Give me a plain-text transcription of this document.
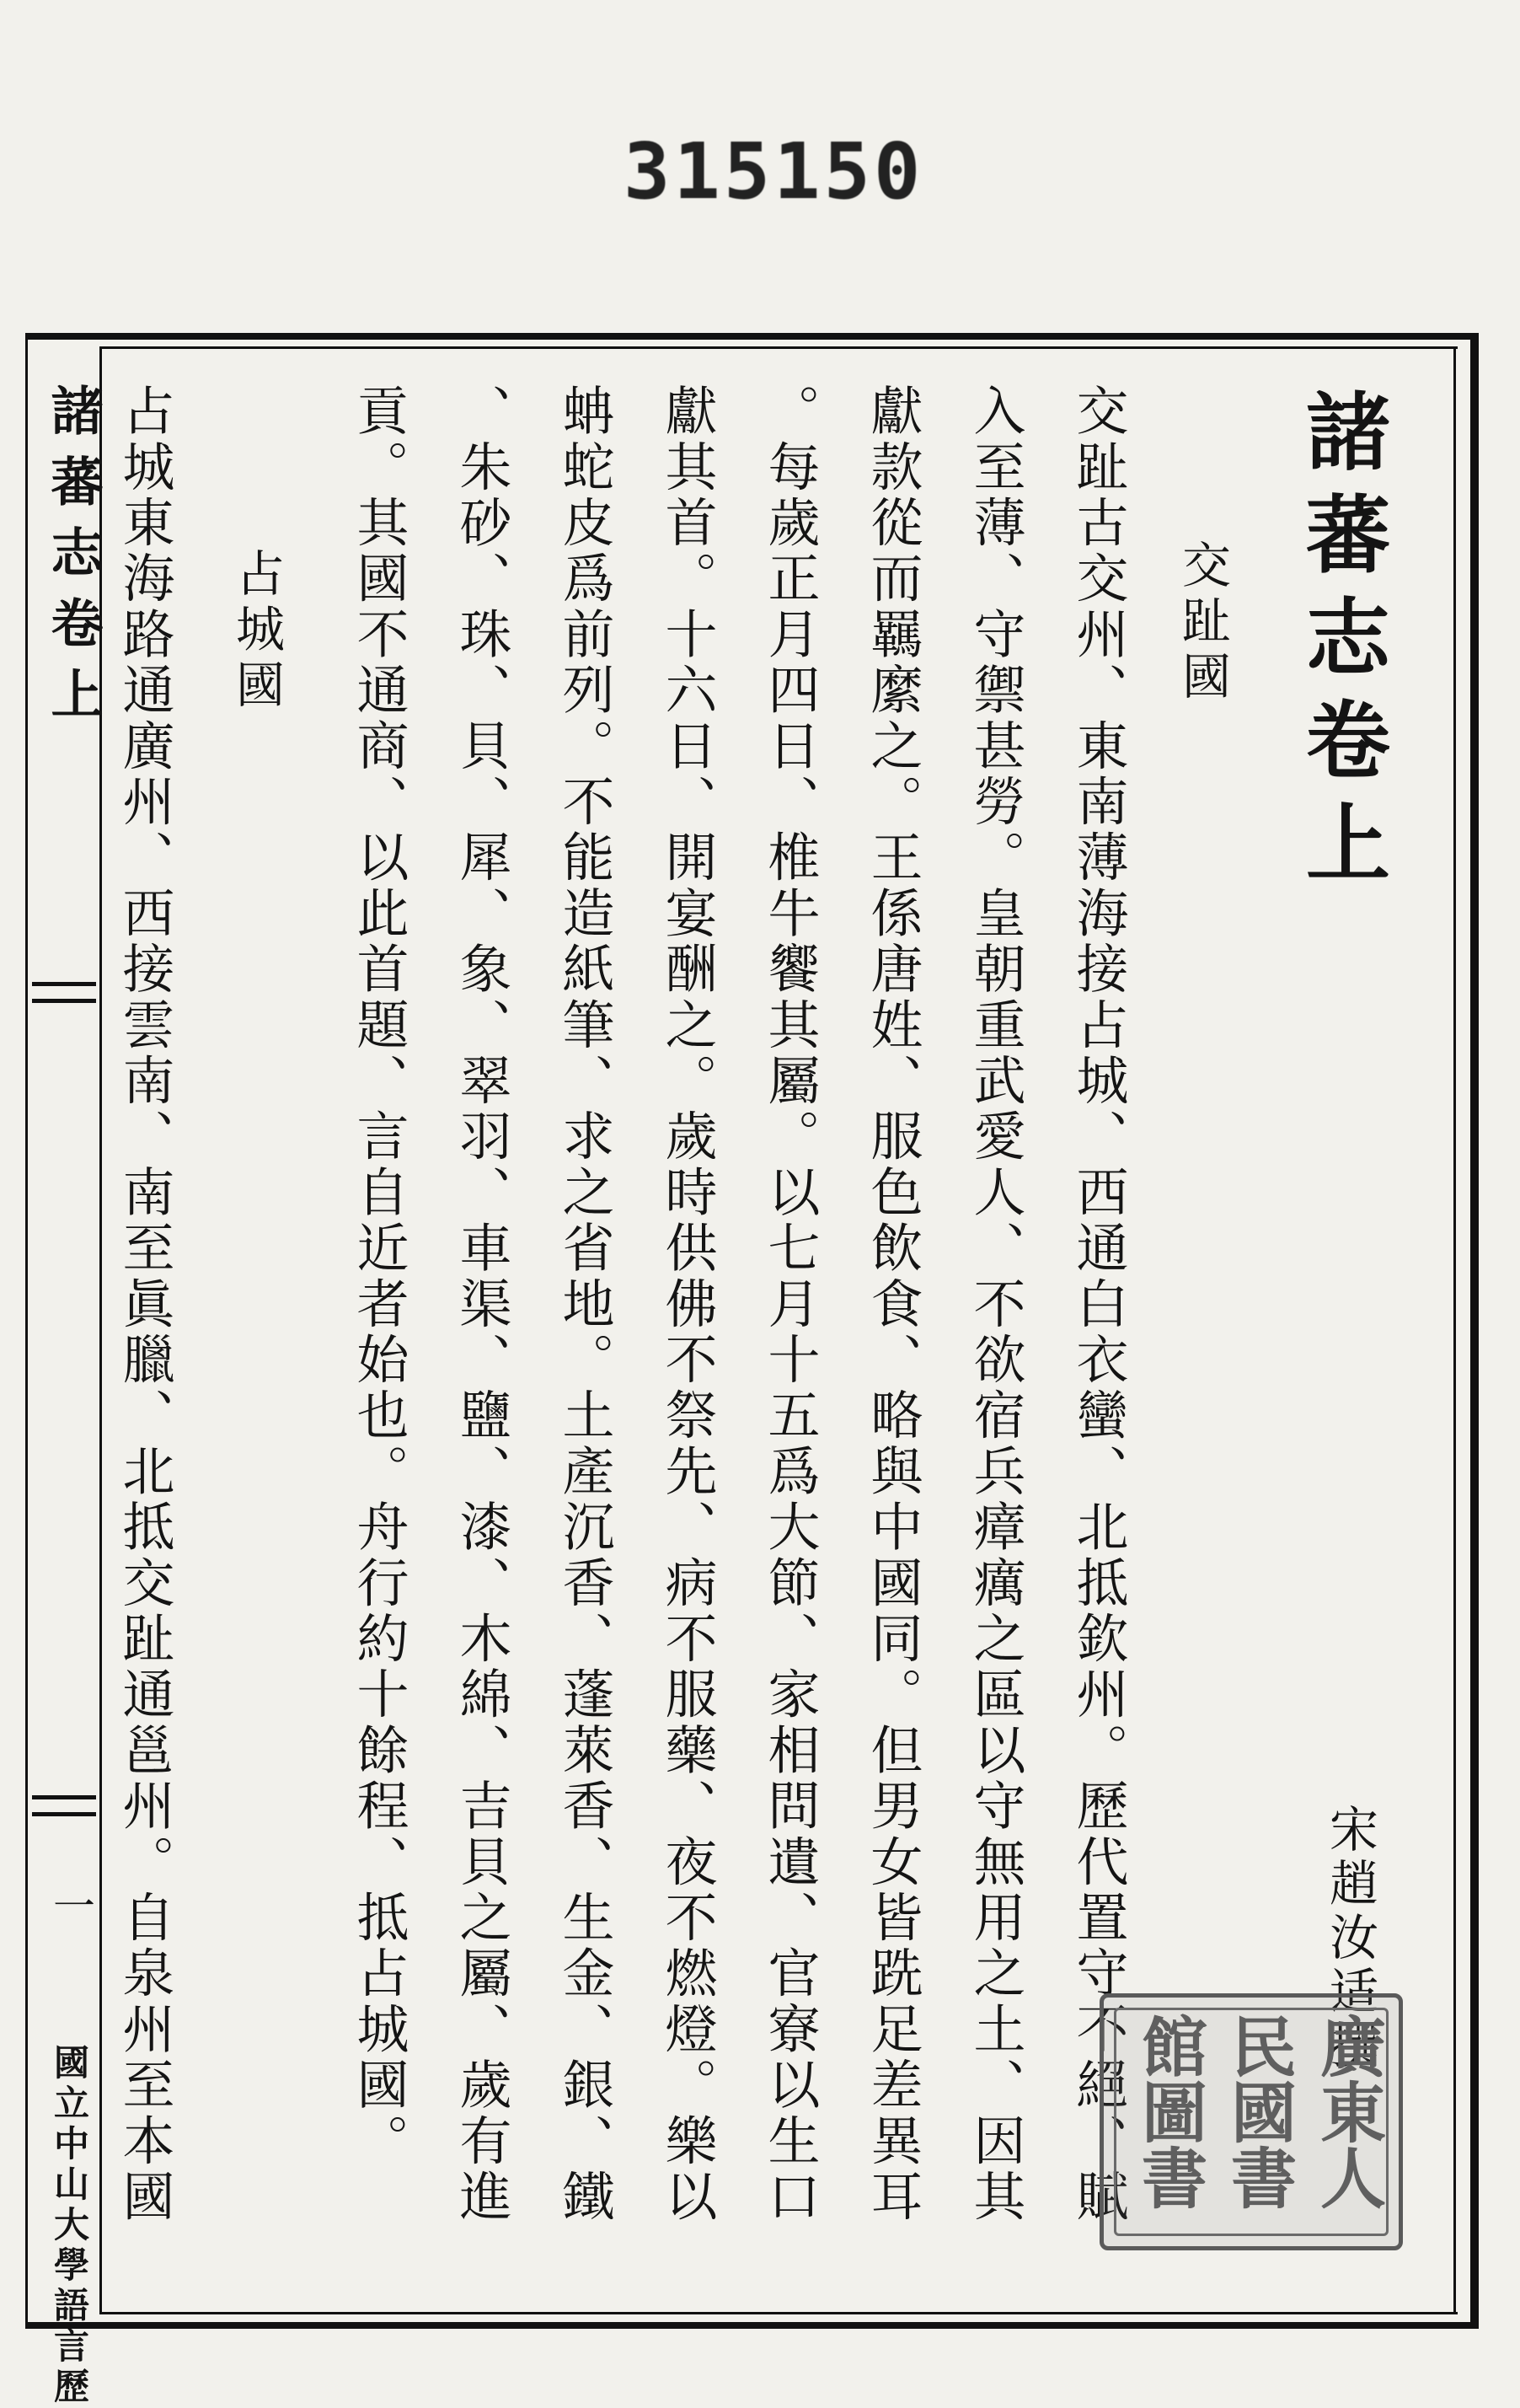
315150
諸蕃志卷上
一
國立中山大學語言歷
諸蕃志卷上
宋趙汝适撰
交趾國
交趾古交州、東南薄海接占城、西通白衣蠻、北抵欽州。歷代置守不絕、賦
入至薄、守禦甚勞。皇朝重武愛人、不欲宿兵瘴癘之區以守無用之土、因其
獻款從而羈縻之。王係唐姓、服色飲食、略與中國同。但男女皆跣足差異耳
。每歲正月四日、椎牛饗其屬。以七月十五爲大節、家相問遺、官寮以生口
獻其首。十六日、開宴酬之。歲時供佛不祭先、病不服藥、夜不燃燈。樂以
蚺蛇皮爲前列。不能造紙筆、求之省地。土產沉香、蓬萊香、生金、銀、鐵
、朱砂、珠、貝、犀、象、翠羽、車渠、鹽、漆、木綿、吉貝之屬、歲有進
貢。其國不通商、以此首題、言自近者始也。舟行約十餘程、抵占城國。
占城國
占城東海路通廣州、西接雲南、南至眞臘、北抵交趾通邕州。自泉州至本國	廣東人
民國書
館圖書
